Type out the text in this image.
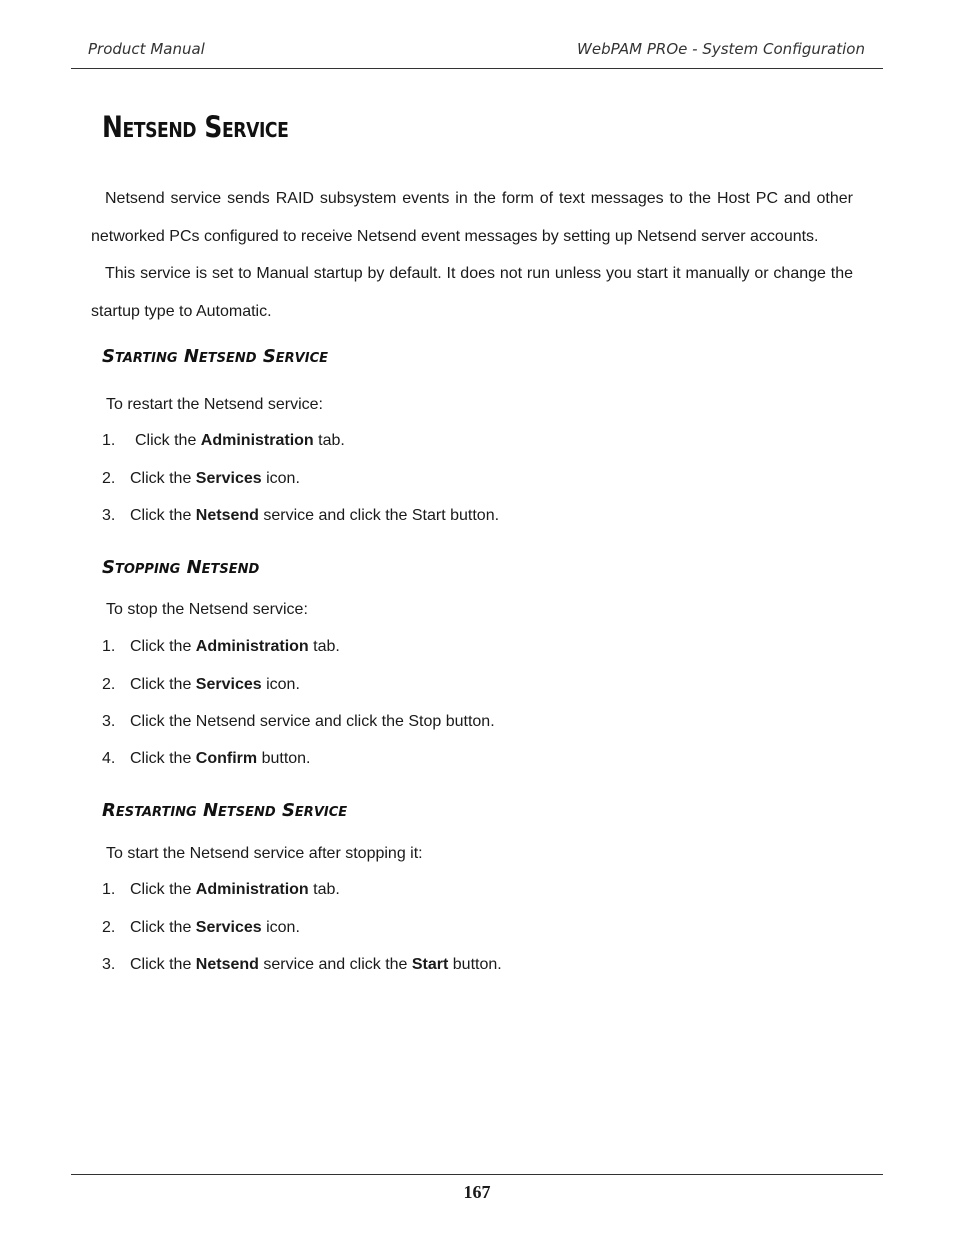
Product Manual	WebPAM PROe - System Configuration
Netsend Service

Netsend service sends RAID subsystem events in the form of text messages to the Host PC and other networked PCs configured to receive Netsend event messages by setting up Netsend server accounts.

This service is set to Manual startup by default. It does not run unless you start it manually or change the startup type to Automatic.

Starting Netsend Service

To restart the Netsend service:

1. Click the Administration tab.

2. Click the Services icon.

3. Click the Netsend service and click the Start button.

Stopping Netsend

To stop the Netsend service:

1. Click the Administration tab.

2. Click the Services icon.

3. Click the Netsend service and click the Stop button.

4. Click the Confirm button.

Restarting Netsend Service

To start the Netsend service after stopping it:

1. Click the Administration tab.

2. Click the Services icon.

3. Click the Netsend service and click the Start button.

167
